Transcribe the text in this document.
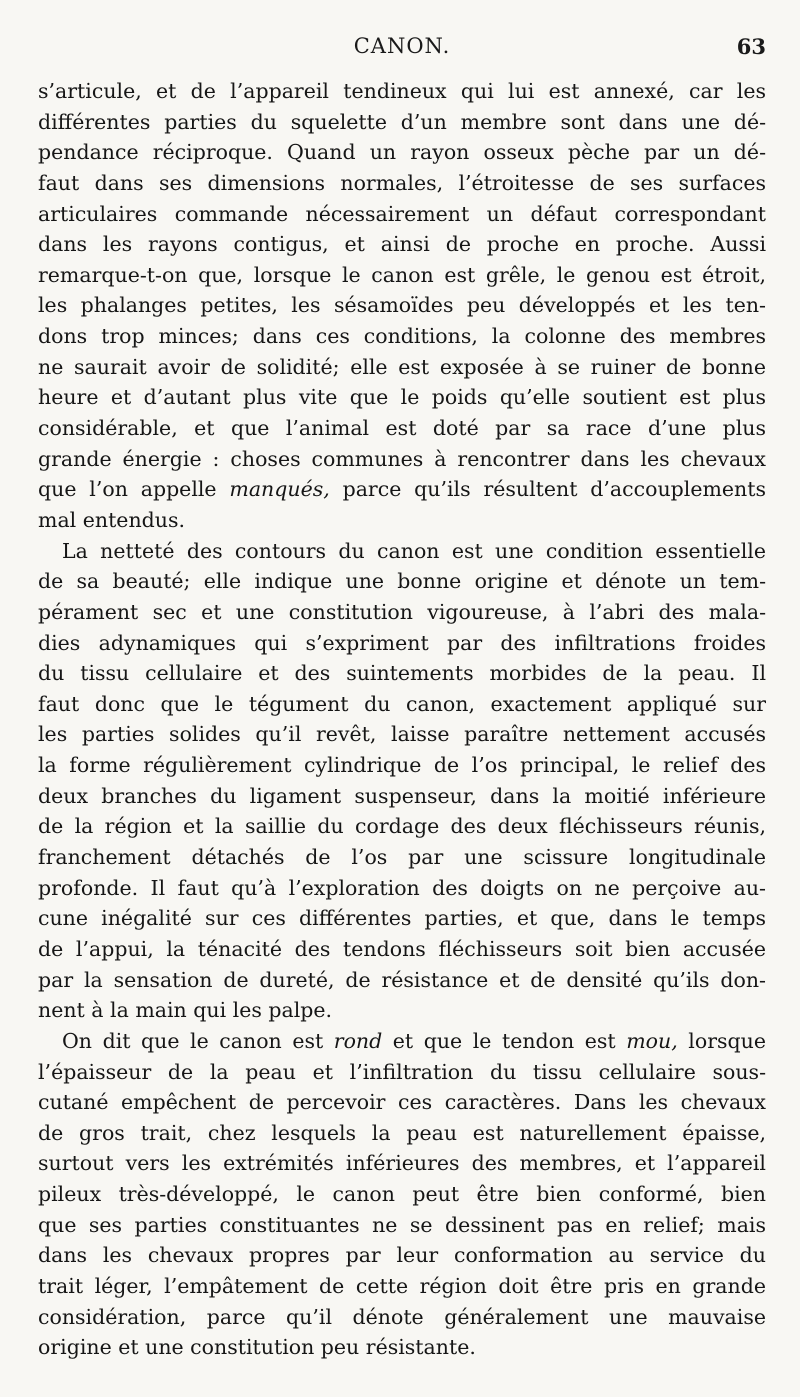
CANON.	63
s’articule, et de l’appareil tendineux qui lui est annexé, car les
différentes parties du squelette d’un membre sont dans une dé-
pendance réciproque. Quand un rayon osseux pèche par un dé-
faut dans ses dimensions normales, l’étroitesse de ses surfaces
articulaires commande nécessairement un défaut correspondant
dans les rayons contigus, et ainsi de proche en proche. Aussi
remarque-t-on que, lorsque le canon est grêle, le genou est étroit,
les phalanges petites, les sésamoïdes peu développés et les ten-
dons trop minces; dans ces conditions, la colonne des membres
ne saurait avoir de solidité; elle est exposée à se ruiner de bonne
heure et d’autant plus vite que le poids qu’elle soutient est plus
considérable, et que l’animal est doté par sa race d’une plus
grande énergie : choses communes à rencontrer dans les chevaux
que l’on appelle manqués, parce qu’ils résultent d’accouplements
mal entendus.
La netteté des contours du canon est une condition essentielle
de sa beauté; elle indique une bonne origine et dénote un tem-
pérament sec et une constitution vigoureuse, à l’abri des mala-
dies adynamiques qui s’expriment par des infiltrations froides
du tissu cellulaire et des suintements morbides de la peau. Il
faut donc que le tégument du canon, exactement appliqué sur
les parties solides qu’il revêt, laisse paraître nettement accusés
la forme régulièrement cylindrique de l’os principal, le relief des
deux branches du ligament suspenseur, dans la moitié inférieure
de la région et la saillie du cordage des deux fléchisseurs réunis,
franchement détachés de l’os par une scissure longitudinale
profonde. Il faut qu’à l’exploration des doigts on ne perçoive au-
cune inégalité sur ces différentes parties, et que, dans le temps
de l’appui, la ténacité des tendons fléchisseurs soit bien accusée
par la sensation de dureté, de résistance et de densité qu’ils don-
nent à la main qui les palpe.
On dit que le canon est rond et que le tendon est mou, lorsque
l’épaisseur de la peau et l’infiltration du tissu cellulaire sous-
cutané empêchent de percevoir ces caractères. Dans les chevaux
de gros trait, chez lesquels la peau est naturellement épaisse,
surtout vers les extrémités inférieures des membres, et l’appareil
pileux très-développé, le canon peut être bien conformé, bien
que ses parties constituantes ne se dessinent pas en relief; mais
dans les chevaux propres par leur conformation au service du
trait léger, l’empâtement de cette région doit être pris en grande
considération, parce qu’il dénote généralement une mauvaise
origine et une constitution peu résistante.
